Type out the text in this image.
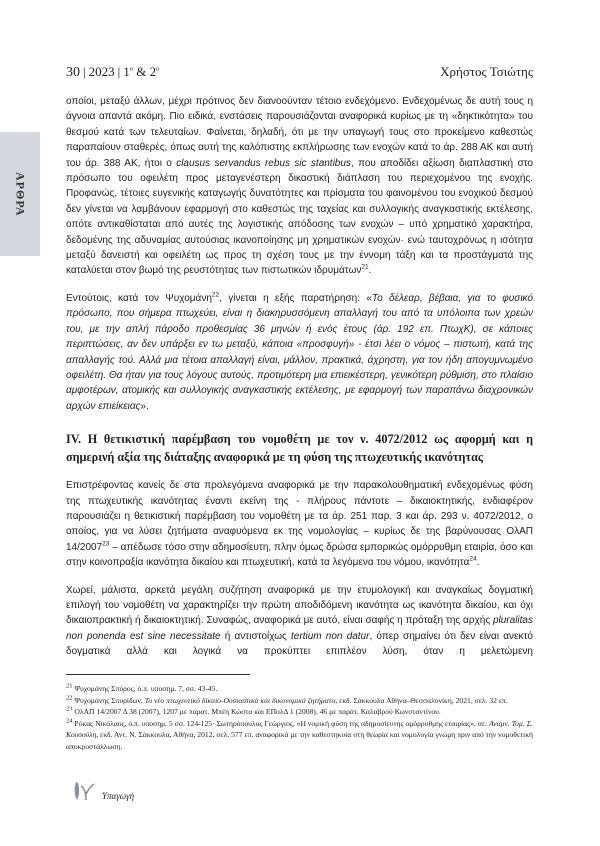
30 | 2023 | $1^o$ & $2^o$	Χρήστος Τσιώτης
ΑΡΘΡΑ

οποίοι, μεταξύ άλλων, μέχρι πρότινος δεν διανοούνταν τέτοιο ενδεχόμενο. Ενδεχομένως δε αυτή τους η άγνοια απαντά ακόμη. Πιο ειδικά, ενστάσεις παρουσιάζονται αναφορικά κυρίως με τη «δηκτικότητα» του θεσμού κατά των τελευταίων. Φαίνεται, δηλαδή, ότι με την υπαγωγή τους στο προκείμενο καθεστώς παραπαίουν σταθερές, όπως αυτή της καλόπιστης εκπλήρωσης των ενοχών κατά το άρ. 288 ΑΚ και αυτή του άρ. 388 ΑΚ, ήτοι ο clausus servandus rebus sic stantibus, που αποδίδει αξίωση διαπλαστική στο πρόσωπο του οφειλέτη προς μεταγενέστερη δικαστική διάπλαση του περιεχομένου της ενοχής. Προφανώς, τέτοιες ευγενικής καταγωγής δυνατότητες και πρίσματα του φαινομένου του ενοχικού δεσμού δεν γίνεται να λαμβάνουν εφαρμογή στο καθεστώς της ταχείας και συλλογικής αναγκαστικής εκτέλεσης, οπότε αντικαθίσταται από αυτές της λογιστικής απόδοσης των ενοχών – υπό χρηματικό χαρακτήρα, δεδομένης της αδυναμίας αυτούσιας ικανοποίησης μη χρηματικών ενοχών· ενώ ταυτοχρόνως η ισότητα μεταξύ δανειστή και οφειλέτη ως προς τη σχέση τους με την έννομη τάξη και τα προστάγματά της καταλύεται στον βωμό της ρευστότητας των πιστωτικών ιδρυμάτων$^{21}$.

Εντούτοις, κατά τον Ψυχομάνη$^{22}$, γίνεται η εξής παρατήρηση: «Το δέλεαρ, βέβαια, για το φυσικό πρόσωπο, που σήμερα πτωχεύει, είναι η διακηρυσσόμενη απαλλαγή του από τα υπόλοιπα των χρεών του, με την απλή πάροδο προθεσμίας 36 μηνών ή ενός έτους (άρ. 192 επ. ΠτωχΚ), σε κάποιες περιπτώσεις, αν δεν υπάρξει εν τω μεταξύ, κάποια «προσφυγή» - έτσι λέει ο νόμος – πιστωτή, κατά της απαλλαγής τού. Αλλά μια τέτοια απαλλαγή είναι, μάλλον, πρακτικά, άχρηστη, για τον ήδη απογυμνωμένο οφειλέτη. Θα ήταν για τους λόγους αυτούς, προτιμότερη μια επιεικέστερη, γενικότερη ρύθμιση, στο πλαίσιο αμφοτέρων, ατομικής και συλλογικής αναγκαστικής εκτέλεσης, με εφαρμογή των παραπάνω διαχρονικών αρχών επιείκειας».

IV. Η θετικιστική παρέμβαση του νομοθέτη με τον ν. 4072/2012 ως αφορμή και η σημερινή αξία της διάταξης αναφορικά με τη φύση της πτωχευτικής ικανότητας

Επιστρέφοντας κανείς δε στα προλεγόμενα αναφορικά με την παρακολουθηματική ενδεχομένως φύση της πτωχευτικής ικανότητας έναντι εκείνη της - πλήρους πάντοτε – δικαιοκτητικής, ενδιαφέρον παρουσιάζει η θετικιστική παρέμβαση του νομοθέτη με τα άρ. 251 παρ. 3 και άρ. 293 ν. 4072/2012, ο οποίος, για να λύσει ζητήματα αναφυόμενα εκ της νομολογίας – κυρίως δε της βαρύνουσας ΟλΑΠ 14/2007$^{23}$ – απέδωσε τόσο στην αδημοσίευτη, πλην όμως δρώσα εμπορικώς ομόρρυθμη εταιρία, όσο και στην κοινοπραξία ικανότητα δικαίου και πτωχευτική, κατά τα λεγόμενα του νόμου, ικανότητα$^{24}$.

Χωρεί, μάλιστα, αρκετά μεγάλη συζήτηση αναφορικά με την ετυμολογική και αναγκαίως δογματική επιλογή του νομοθέτη να χαρακτηρίζει την πρώτη αποδιδόμενη ικανότητα ως ικανότητα δικαίου, και όχι δικαιοπρακτική ή δικαιοκτητική. Συναφώς, αναφορικά με αυτό, είναι σαφής η πρόταξη της αρχής pluralitas non ponenda est sine necessitate ή αντιστοίχως tertium non datur, όπερ σημαίνει ότι δεν είναι ανεκτό δογματικά αλλά και λογικά να προκύπτει επιπλέον λύση, όταν η μελετώμενη

$^{21}$ Ψυχομάνης Σπύρος, ό.π. υποσημ. 7, σσ. 43-45.
$^{22}$ Ψυχομάνης Σπυρίδων, Το νέο πτωχευτικό δίκαιο-Ουσιαστικά και δικονομικά ζητήματα, εκδ. Σάκκουλα Αθήνα–Θεσσαλονίκη, 2021, σελ. 32 επ.
$^{23}$ ΟλΑΠ 14/2007 Δ 38 (2007), 1207 με παρατ. Μπέη Κώστα και ΕΠολΔ 1 (2008), 46 με παράτ. Καλαβρού Κωνσταντίνου.
$^{24}$ Ρόκας Νικόλαος, ό.π. υποσημ. 5 σσ. 124-125· Σωτηρόπουλος Γεώργιος, «Η νομική φύση της αδημοσίευτης ομόρρυθμης εταιρίας», σε: Αναμν. Τομ. Σ. Κουσούλη, εκδ. Αντ. Ν. Σάκκουλα, Αθήνα, 2012, σελ. 577 επ. αναφορικά με την καθεστηκυία στη θεωρία και νομολογία γνώμη πριν από την νομοθετική αποκρυστάλλωση.
Υπαγωγή
